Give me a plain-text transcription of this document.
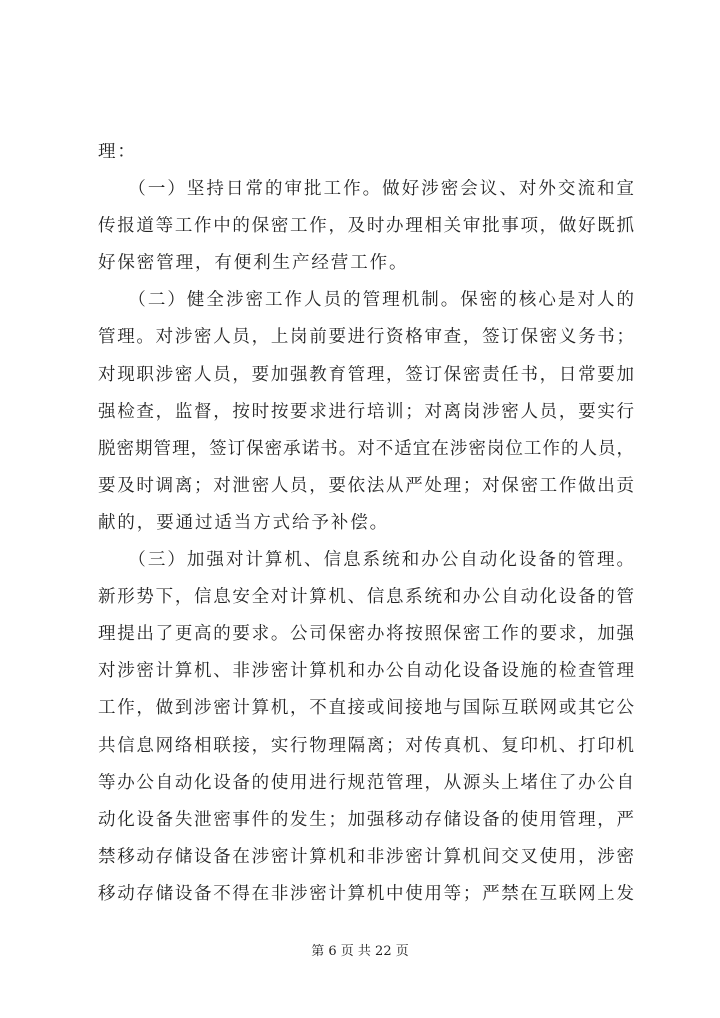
理：
　　（一）坚持日常的审批工作。做好涉密会议、对外交流和宣
传报道等工作中的保密工作，及时办理相关审批事项，做好既抓
好保密管理，有便利生产经营工作。
　　（二）健全涉密工作人员的管理机制。保密的核心是对人的
管理。对涉密人员，上岗前要进行资格审查，签订保密义务书；
对现职涉密人员，要加强教育管理，签订保密责任书，日常要加
强检查，监督，按时按要求进行培训；对离岗涉密人员，要实行
脱密期管理，签订保密承诺书。对不适宜在涉密岗位工作的人员，
要及时调离；对泄密人员，要依法从严处理；对保密工作做出贡
献的，要通过适当方式给予补偿。
　　（三）加强对计算机、信息系统和办公自动化设备的管理。
新形势下，信息安全对计算机、信息系统和办公自动化设备的管
理提出了更高的要求。公司保密办将按照保密工作的要求，加强
对涉密计算机、非涉密计算机和办公自动化设备设施的检查管理
工作，做到涉密计算机，不直接或间接地与国际互联网或其它公
共信息网络相联接，实行物理隔离；对传真机、复印机、打印机
等办公自动化设备的使用进行规范管理，从源头上堵住了办公自
动化设备失泄密事件的发生；加强移动存储设备的使用管理，严
禁移动存储设备在涉密计算机和非涉密计算机间交叉使用，涉密
移动存储设备不得在非涉密计算机中使用等；严禁在互联网上发
第 6 页 共 22 页
